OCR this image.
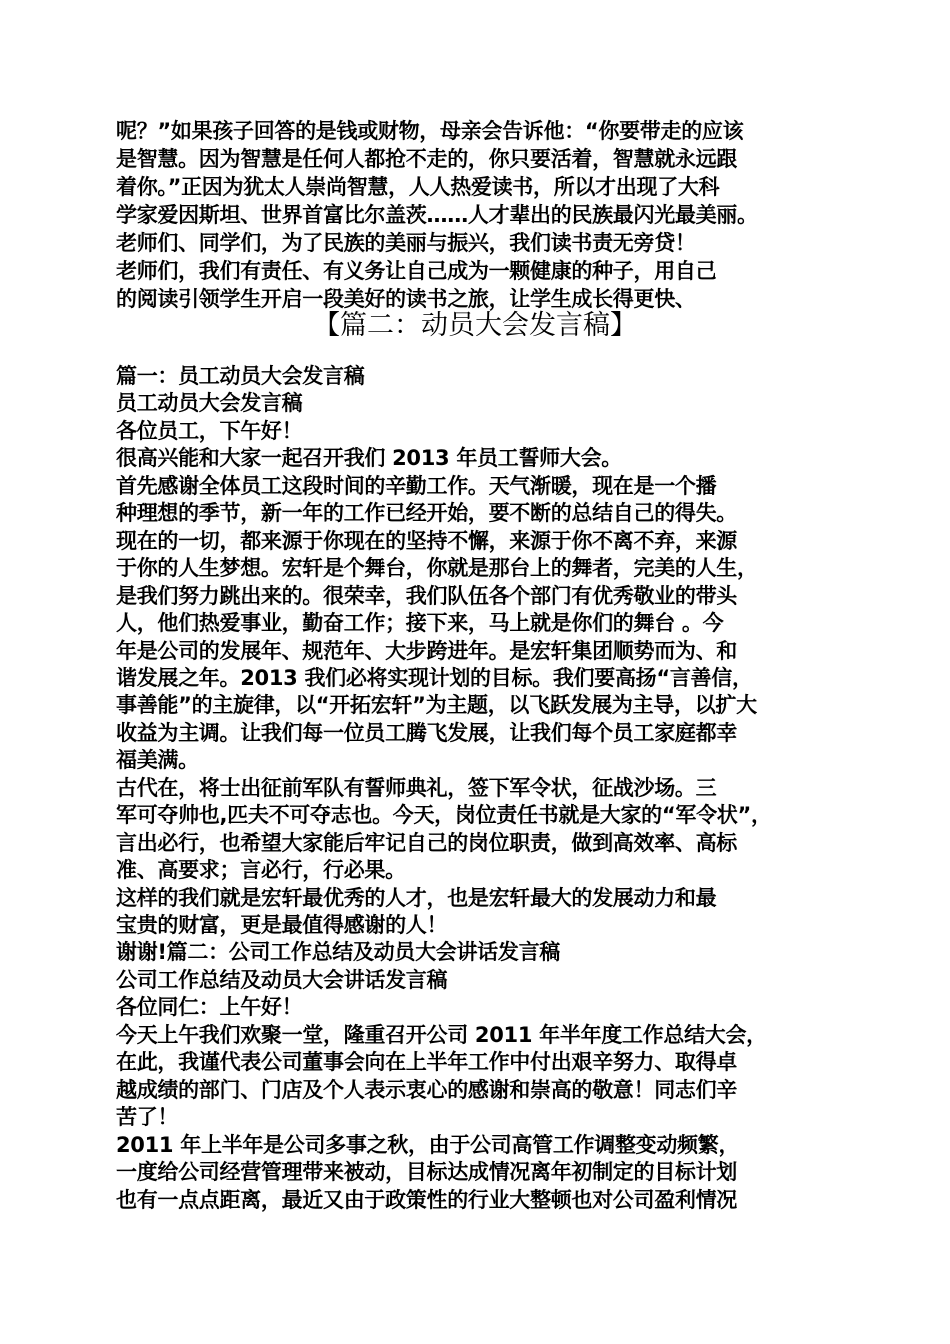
呢？”如果孩子回答的是钱或财物，母亲会告诉他：“你要带走的应该
是智慧。因为智慧是任何人都抢不走的，你只要活着，智慧就永远跟
着你。”正因为犹太人崇尚智慧，人人热爱读书，所以才出现了大科
学家爱因斯坦、世界首富比尔盖茨……人才辈出的民族最闪光最美丽。
老师们、同学们，为了民族的美丽与振兴，我们读书责无旁贷！
老师们，我们有责任、有义务让自己成为一颗健康的种子，用自己
的阅读引领学生开启一段美好的读书之旅，让学生成长得更快、
【篇二：动员大会发言稿】
篇一：员工动员大会发言稿
员工动员大会发言稿
各位员工，下午好！
很高兴能和大家一起召开我们 2013 年员工誓师大会。
首先感谢全体员工这段时间的辛勤工作。天气渐暖，现在是一个播
种理想的季节，新一年的工作已经开始，要不断的总结自己的得失。
现在的一切，都来源于你现在的坚持不懈，来源于你不离不弃，来源
于你的人生梦想。宏轩是个舞台，你就是那台上的舞者，完美的人生，
是我们努力跳出来的。很荣幸，我们队伍各个部门有优秀敬业的带头
人，他们热爱事业，勤奋工作；接下来，马上就是你们的舞台 。今
年是公司的发展年、规范年、大步跨进年。是宏轩集团顺势而为、和
谐发展之年。2013 我们必将实现计划的目标。我们要高扬“言善信，
事善能”的主旋律，以“开拓宏轩”为主题，以飞跃发展为主导，以扩大
收益为主调。让我们每一位员工腾飞发展，让我们每个员工家庭都幸
福美满。
古代在，将士出征前军队有誓师典礼，签下军令状，征战沙场。三
军可夺帅也,匹夫不可夺志也。今天，岗位责任书就是大家的“军令状”，
言出必行，也希望大家能后牢记自己的岗位职责，做到高效率、高标
准、高要求；言必行，行必果。
这样的我们就是宏轩最优秀的人才，也是宏轩最大的发展动力和最
宝贵的财富，更是最值得感谢的人！
谢谢!篇二：公司工作总结及动员大会讲话发言稿
公司工作总结及动员大会讲话发言稿
各位同仁：上午好！
今天上午我们欢聚一堂，隆重召开公司 2011 年半年度工作总结大会，
在此，我谨代表公司董事会向在上半年工作中付出艰辛努力、取得卓
越成绩的部门、门店及个人表示衷心的感谢和崇高的敬意！同志们辛
苦了！
2011 年上半年是公司多事之秋，由于公司高管工作调整变动频繁，
一度给公司经营管理带来被动，目标达成情况离年初制定的目标计划
也有一点点距离，最近又由于政策性的行业大整顿也对公司盈利情况
